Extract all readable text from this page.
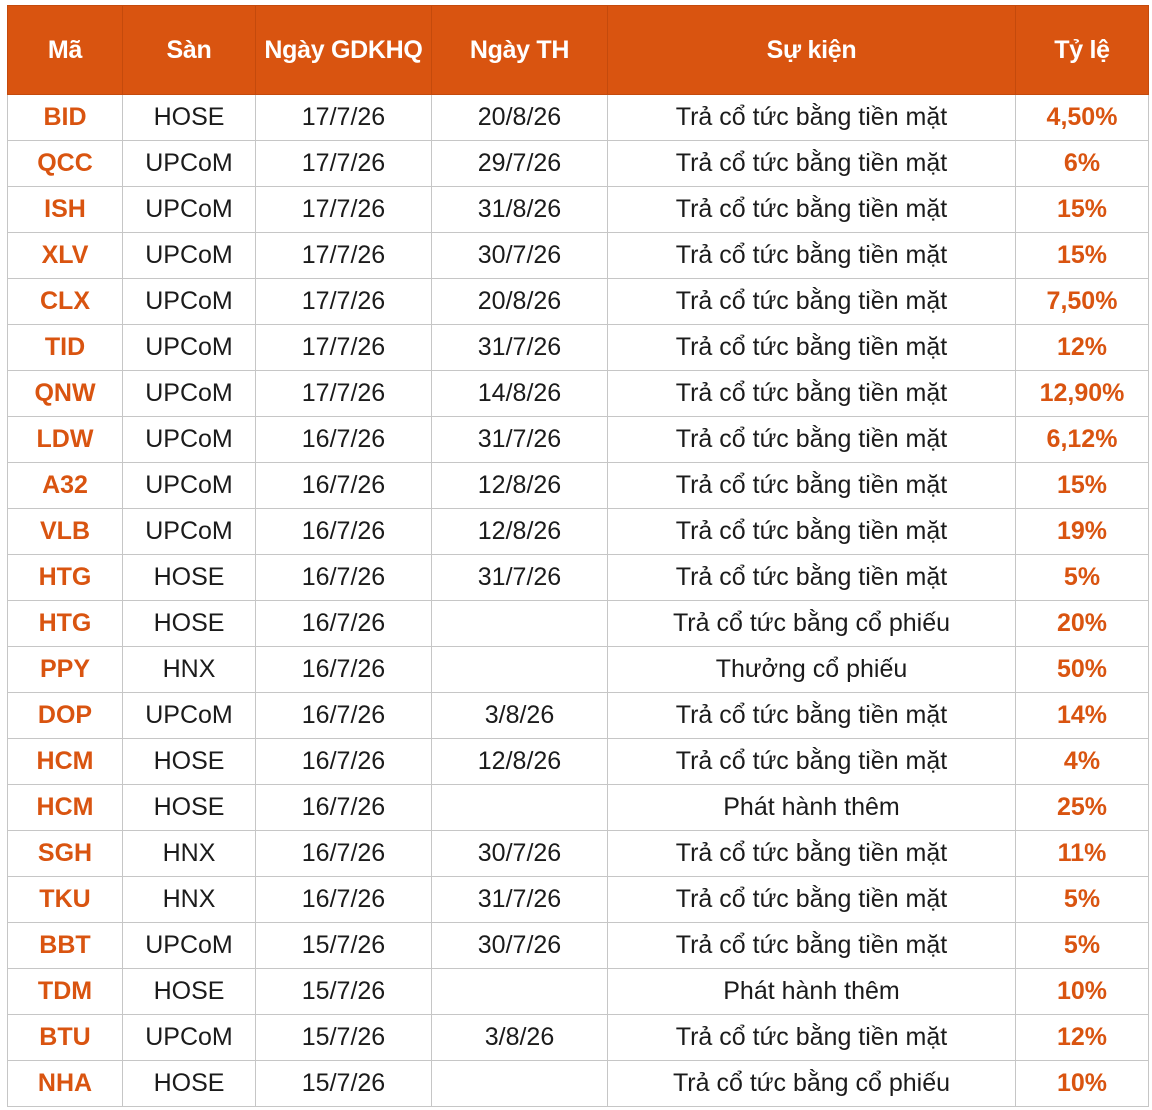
Mã	Sàn	Ngày GDKHQ	Ngày TH	Sự kiện	Tỷ lệ
BID	HOSE	17/7/26	20/8/26	Trả cổ tức bằng tiền mặt	4,50%
QCC	UPCoM	17/7/26	29/7/26	Trả cổ tức bằng tiền mặt	6%
ISH	UPCoM	17/7/26	31/8/26	Trả cổ tức bằng tiền mặt	15%
XLV	UPCoM	17/7/26	30/7/26	Trả cổ tức bằng tiền mặt	15%
CLX	UPCoM	17/7/26	20/8/26	Trả cổ tức bằng tiền mặt	7,50%
TID	UPCoM	17/7/26	31/7/26	Trả cổ tức bằng tiền mặt	12%
QNW	UPCoM	17/7/26	14/8/26	Trả cổ tức bằng tiền mặt	12,90%
LDW	UPCoM	16/7/26	31/7/26	Trả cổ tức bằng tiền mặt	6,12%
A32	UPCoM	16/7/26	12/8/26	Trả cổ tức bằng tiền mặt	15%
VLB	UPCoM	16/7/26	12/8/26	Trả cổ tức bằng tiền mặt	19%
HTG	HOSE	16/7/26	31/7/26	Trả cổ tức bằng tiền mặt	5%
HTG	HOSE	16/7/26		Trả cổ tức bằng cổ phiếu	20%
PPY	HNX	16/7/26		Thưởng cổ phiếu	50%
DOP	UPCoM	16/7/26	3/8/26	Trả cổ tức bằng tiền mặt	14%
HCM	HOSE	16/7/26	12/8/26	Trả cổ tức bằng tiền mặt	4%
HCM	HOSE	16/7/26		Phát hành thêm	25%
SGH	HNX	16/7/26	30/7/26	Trả cổ tức bằng tiền mặt	11%
TKU	HNX	16/7/26	31/7/26	Trả cổ tức bằng tiền mặt	5%
BBT	UPCoM	15/7/26	30/7/26	Trả cổ tức bằng tiền mặt	5%
TDM	HOSE	15/7/26		Phát hành thêm	10%
BTU	UPCoM	15/7/26	3/8/26	Trả cổ tức bằng tiền mặt	12%
NHA	HOSE	15/7/26		Trả cổ tức bằng cổ phiếu	10%
